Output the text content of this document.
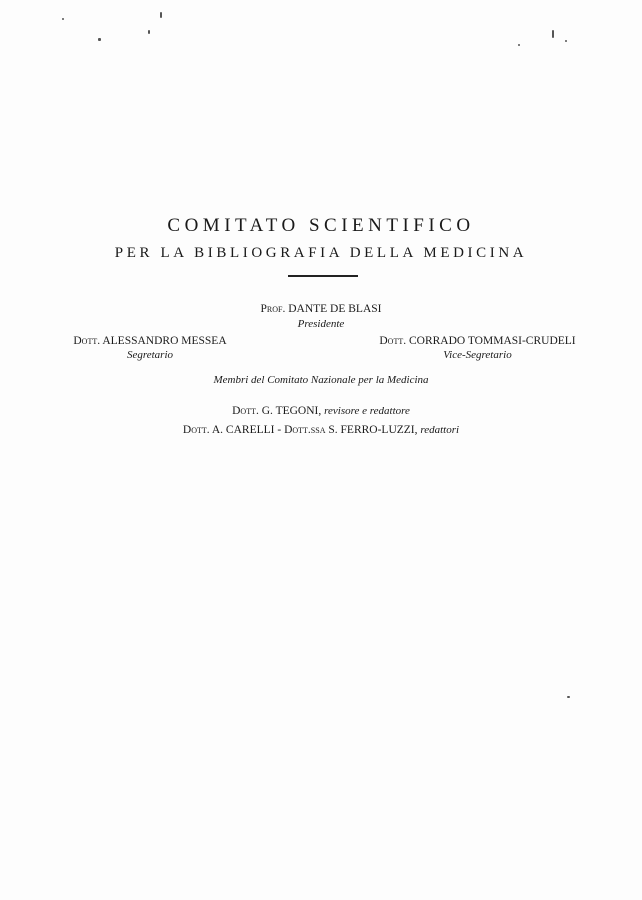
COMITATO SCIENTIFICO
PER LA BIBLIOGRAFIA DELLA MEDICINA
Prof. DANTE DE BLASI
Presidente
Dott. ALESSANDRO MESSEA
Segretario
Dott. CORRADO TOMMASI-CRUDELI
Vice-Segretario
Membri del Comitato Nazionale per la Medicina
Dott. G. TEGONI, revisore e redattore
Dott. A. CARELLI - Dott.ssa S. FERRO-LUZZI, redattori
